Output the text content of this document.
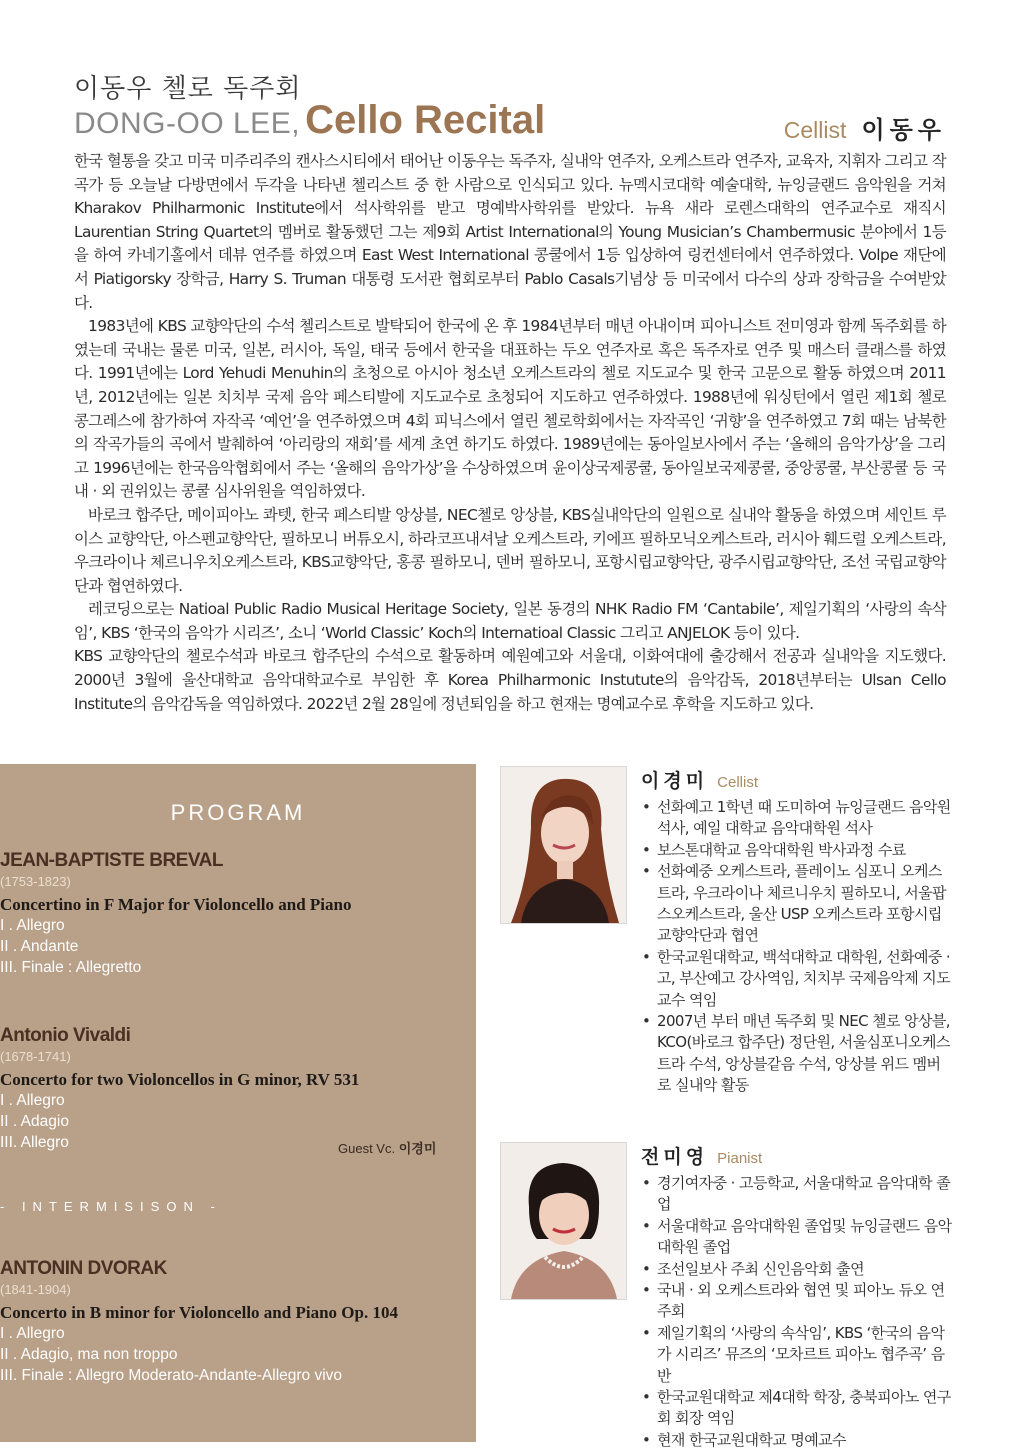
이동우 첼로 독주회
DONG-OO LEE, Cello Recital	Cellist 이동우

한국 혈통을 갖고 미국 미주리주의 캔사스시티에서 태어난 이동우는 독주자, 실내악 연주자, 오케스트라 연주자, 교육자, 지휘자 그리고 작곡가 등 오늘날 다방면에서 두각을 나타낸 첼리스트 중 한 사람으로 인식되고 있다. 뉴멕시코대학 예술대학, 뉴잉글랜드 음악원을 거쳐 Kharakov Philharmonic Institute에서 석사학위를 받고 명예박사학위를 받았다. 뉴욕 새라 로렌스대학의 연주교수로 재직시 Laurentian String Quartet의 멤버로 활동했던 그는 제9회 Artist International의 Young Musician’s Chambermusic 분야에서 1등을 하여 카네기홀에서 데뷰 연주를 하였으며 East West International 콩쿨에서 1등 입상하여 링컨센터에서 연주하였다. Volpe 재단에서 Piatigorsky 장학금, Harry S. Truman 대통령 도서관 협회로부터 Pablo Casals기념상 등 미국에서 다수의 상과 장학금을 수여받았다.

1983년에 KBS 교향악단의 수석 첼리스트로 발탁되어 한국에 온 후 1984년부터 매년 아내이며 피아니스트 전미영과 함께 독주회를 하였는데 국내는 물론 미국, 일본, 러시아, 독일, 태국 등에서 한국을 대표하는 두오 연주자로 혹은 독주자로 연주 및 매스터 클래스를 하였다. 1991년에는 Lord Yehudi Menuhin의 초청으로 아시아 청소년 오케스트라의 첼로 지도교수 및 한국 고문으로 활동 하였으며 2011년, 2012년에는 일본 치치부 국제 음악 페스티발에 지도교수로 초청되어 지도하고 연주하였다. 1988년에 워싱턴에서 열린 제1회 첼로 콩그레스에 참가하여 자작곡 ‘예언’을 연주하였으며 4회 피닉스에서 열린 첼로학회에서는 자작곡인 ‘귀향’을 연주하였고 7회 때는 남북한의 작곡가들의 곡에서 발췌하여 ‘아리랑의 재회’를 세계 초연 하기도 하였다. 1989년에는 동아일보사에서 주는 ‘올해의 음악가상’을 그리고 1996년에는 한국음악협회에서 주는 ‘올해의 음악가상’을 수상하였으며 윤이상국제콩쿨, 동아일보국제콩쿨, 중앙콩쿨, 부산콩쿨 등 국내 · 외 권위있는 콩쿨 심사위원을 역임하였다.

바로크 합주단, 메이피아노 콰텟, 한국 페스티발 앙상블, NEC첼로 앙상블, KBS실내악단의 일원으로 실내악 활동을 하였으며 세인트 루이스 교향악단, 아스펜교향악단, 필하모니 버튜오시, 하라코프내셔날 오케스트라, 키에프 필하모닉오케스트라, 러시아 훼드럴 오케스트라, 우크라이나 체르니우치오케스트라, KBS교향악단, 홍콩 필하모니, 덴버 필하모니, 포항시립교향악단, 광주시립교향악단, 조선 국립교향악단과 협연하였다.

레코딩으로는 Natioal Public Radio Musical Heritage Society, 일본 동경의 NHK Radio FM ‘Cantabile’, 제일기획의 ‘사랑의 속삭임’, KBS ‘한국의 음악가 시리즈’, 소니 ‘World Classic’ Koch의 Internatioal Classic 그리고 ANJELOK 등이 있다.

KBS 교향악단의 첼로수석과 바로크 합주단의 수석으로 활동하며 예원예고와 서울대, 이화여대에 출강해서 전공과 실내악을 지도했다. 2000년 3월에 울산대학교 음악대학교수로 부임한 후 Korea Philharmonic Instutute의 음악감독, 2018년부터는 Ulsan Cello Institute의 음악감독을 역임하였다. 2022년 2월 28일에 정년퇴임을 하고 현재는 명예교수로 후학을 지도하고 있다.

PROGRAM
JEAN-BAPTISTE BREVAL
(1753-1823)
Concertino in F Major for Violoncello and Piano
I . Allegro
II . Andante
III. Finale : Allegretto
Antonio Vivaldi
(1678-1741)
Concerto for two Violoncellos in G minor, RV 531
I . Allegro
II . Adagio
III. Allegro	Guest Vc. 이경미
- INTERMISISON -
ANTONIN DVORAK
(1841-1904)
Concerto in B minor for Violoncello and Piano Op. 104
I . Allegro
II . Adagio, ma non troppo
III. Finale : Allegro Moderato-Andante-Allegro vivo
이경미 Cellist
• 선화예고 1학년 때 도미하여 뉴잉글랜드 음악원석사, 예일 대학교 음악대학원 석사
• 보스톤대학교 음악대학원 박사과정 수료
• 선화예중 오케스트라, 플레이노 심포니 오케스트라, 우크라이나 체르니우치 필하모니, 서울팝스오케스트라, 울산 USP 오케스트라 포항시립교향악단과 협연
• 한국교원대학교, 백석대학교 대학원, 선화예중 · 고, 부산예고 강사역임, 치치부 국제음악제 지도교수 역임
• 2007년 부터 매년 독주회 및 NEC 첼로 앙상블, KCO(바로크 합주단) 정단원, 서울심포니오케스트라 수석, 앙상블같음 수석, 앙상블 위드 멤버로 실내악 활동
전미영 Pianist
• 경기여자중 · 고등학교, 서울대학교 음악대학 졸업
• 서울대학교 음악대학원 졸업및 뉴잉글랜드 음악대학원 졸업
• 조선일보사 주최 신인음악회 출연
• 국내 · 외 오케스트라와 협연 및 피아노 듀오 연주회
• 제일기획의 ‘사랑의 속삭임’, KBS ‘한국의 음악가 시리즈’ 뮤즈의 ‘모차르트 피아노 협주곡’ 음반
• 한국교원대학교 제4대학 학장, 충북피아노 연구회 회장 역임
• 현재 한국교원대학교 명예교수
